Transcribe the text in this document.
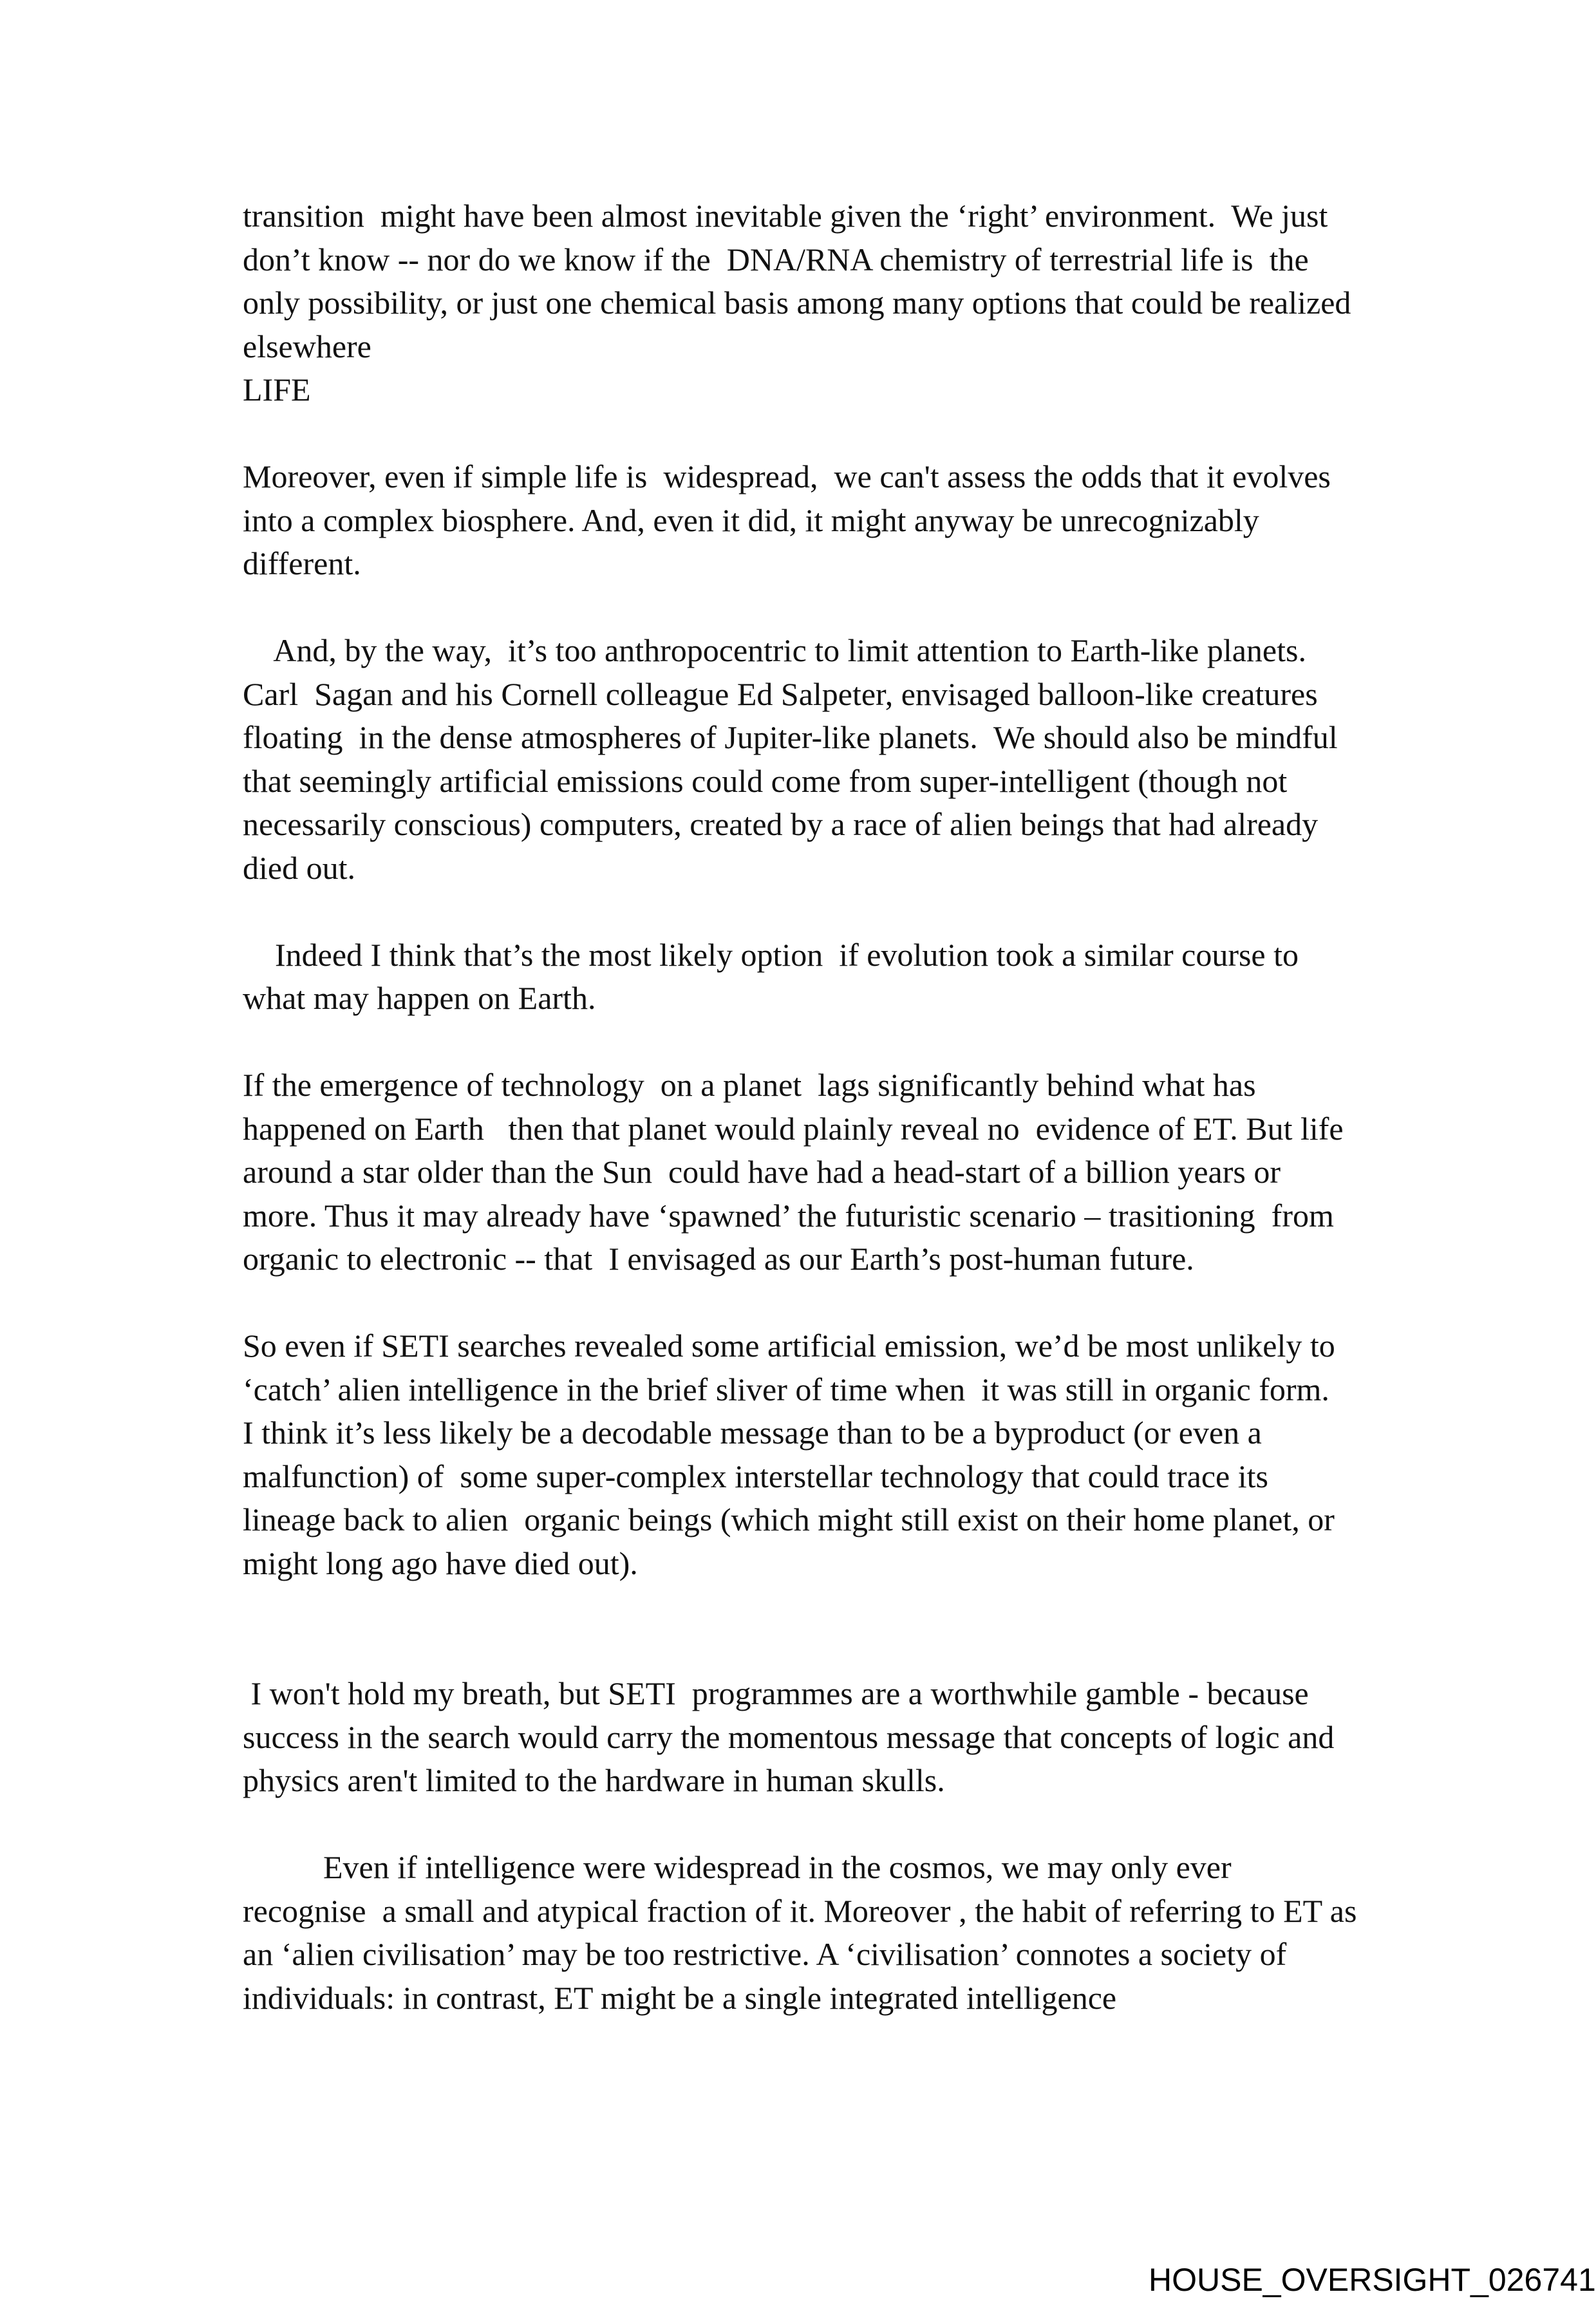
transition  might have been almost inevitable given the ‘right’ environment.  We just
don’t know -- nor do we know if the  DNA/RNA chemistry of terrestrial life is  the
only possibility, or just one chemical basis among many options that could be realized
elsewhere
LIFE
Moreover, even if simple life is  widespread,  we can't assess the odds that it evolves
into a complex biosphere. And, even it did, it might anyway be unrecognizably
different.
And, by the way,  it’s too anthropocentric to limit attention to Earth-like planets.
Carl  Sagan and his Cornell colleague Ed Salpeter, envisaged balloon-like creatures
floating  in the dense atmospheres of Jupiter-like planets.  We should also be mindful
that seemingly artificial emissions could come from super-intelligent (though not
necessarily conscious) computers, created by a race of alien beings that had already
died out.
Indeed I think that’s the most likely option  if evolution took a similar course to
what may happen on Earth.
If the emergence of technology  on a planet  lags significantly behind what has
happened on Earth   then that planet would plainly reveal no  evidence of ET. But life
around a star older than the Sun  could have had a head-start of a billion years or
more. Thus it may already have ‘spawned’ the futuristic scenario – trasitioning  from
organic to electronic -- that  I envisaged as our Earth’s post-human future.
So even if SETI searches revealed some artificial emission, we’d be most unlikely to
‘catch’ alien intelligence in the brief sliver of time when  it was still in organic form.
I think it’s less likely be a decodable message than to be a byproduct (or even a
malfunction) of  some super-complex interstellar technology that could trace its
lineage back to alien  organic beings (which might still exist on their home planet, or
might long ago have died out).
I won't hold my breath, but SETI  programmes are a worthwhile gamble - because
success in the search would carry the momentous message that concepts of logic and
physics aren't limited to the hardware in human skulls.
Even if intelligence were widespread in the cosmos, we may only ever
recognise  a small and atypical fraction of it. Moreover , the habit of referring to ET as
an ‘alien civilisation’ may be too restrictive. A ‘civilisation’ connotes a society of
individuals: in contrast, ET might be a single integrated intelligence
HOUSE_OVERSIGHT_026741
